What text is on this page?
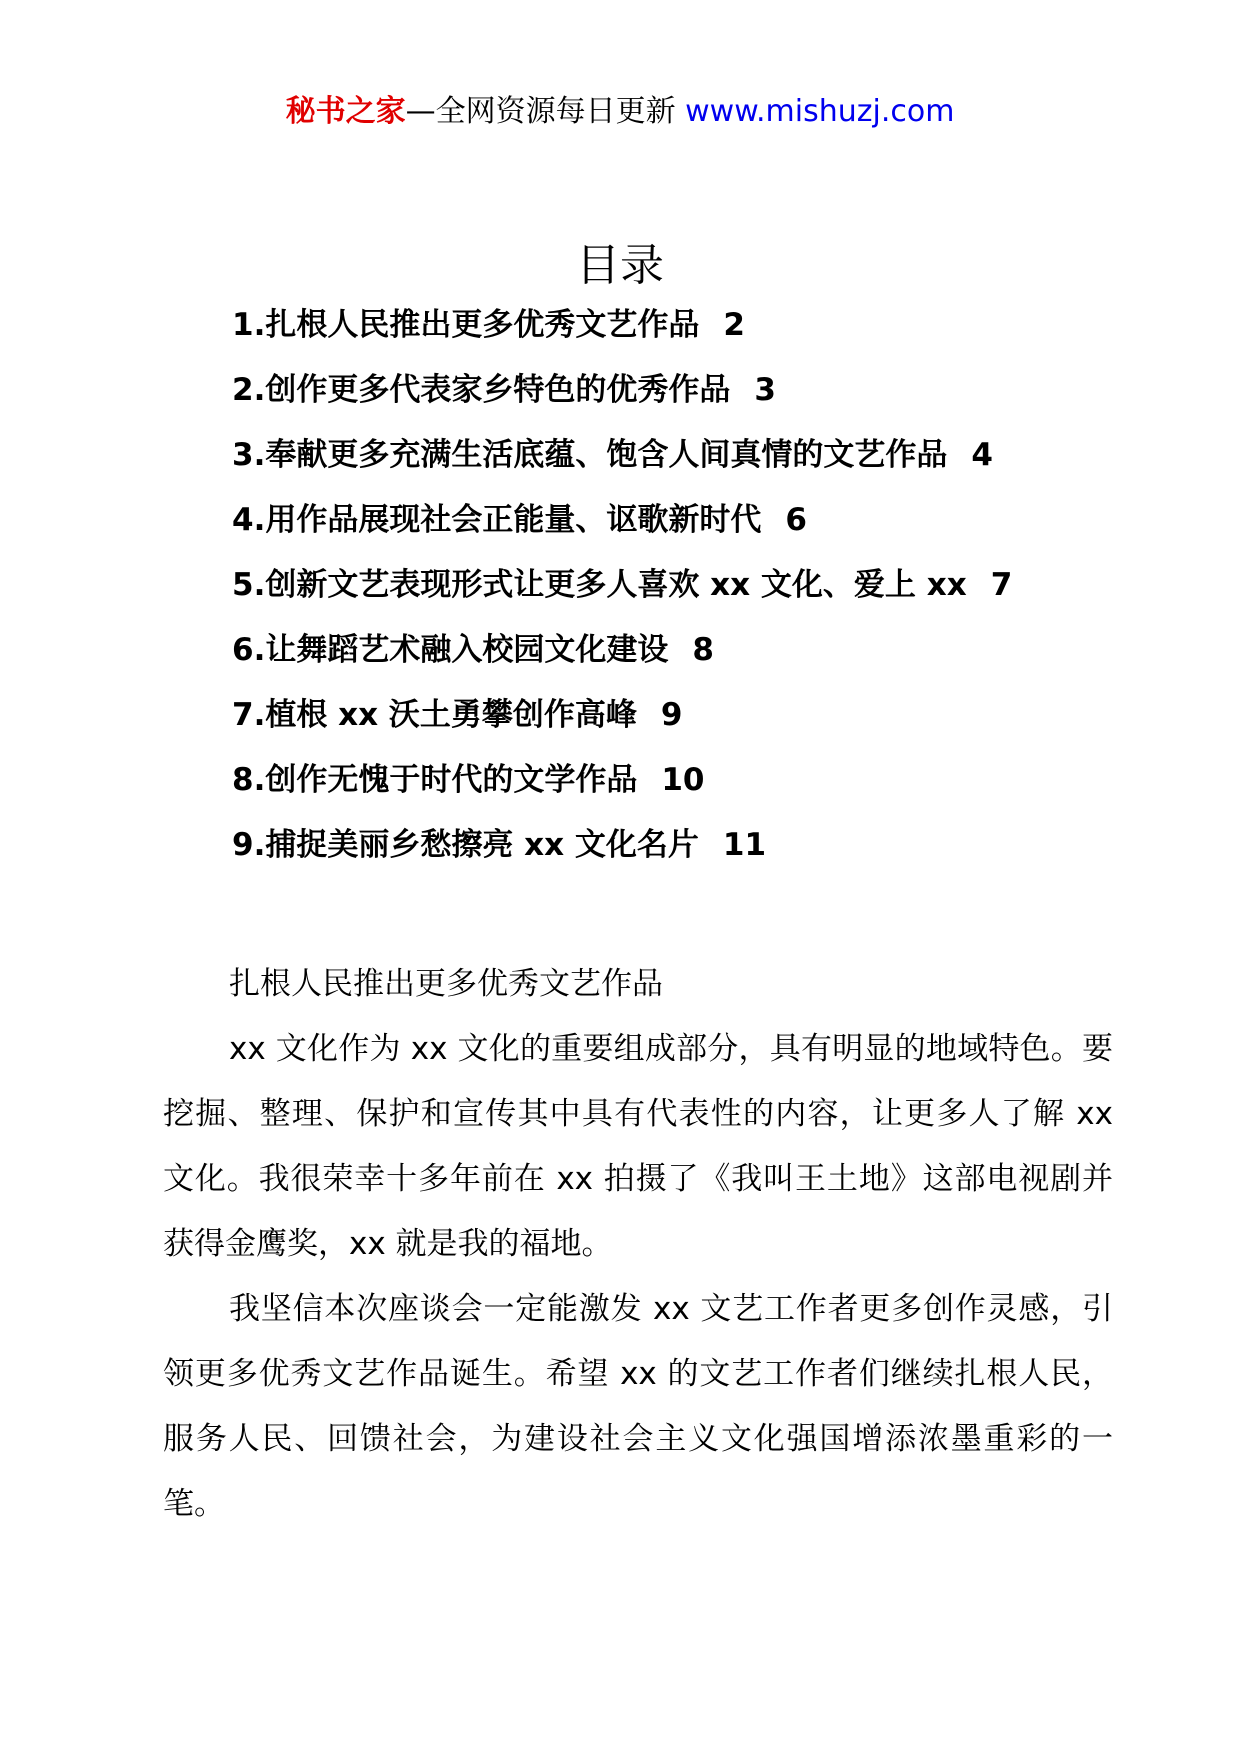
秘书之家—全网资源每日更新 www.mishuzj.com
目录
1.扎根人民推出更多优秀文艺作品 2
2.创作更多代表家乡特色的优秀作品 3
3.奉献更多充满生活底蕴、饱含人间真情的文艺作品 4
4.用作品展现社会正能量、讴歌新时代 6
5.创新文艺表现形式让更多人喜欢 xx 文化、爱上 xx 7
6.让舞蹈艺术融入校园文化建设 8
7.植根 xx 沃土勇攀创作高峰 9
8.创作无愧于时代的文学作品 10
9.捕捉美丽乡愁擦亮 xx 文化名片 11

扎根人民推出更多优秀文艺作品

xx 文化作为 xx 文化的重要组成部分，具有明显的地域特色。要挖掘、整理、保护和宣传其中具有代表性的内容，让更多人了解 xx 文化。我很荣幸十多年前在 xx 拍摄了《我叫王土地》这部电视剧并获得金鹰奖，xx 就是我的福地。

我坚信本次座谈会一定能激发 xx 文艺工作者更多创作灵感，引领更多优秀文艺作品诞生。希望 xx 的文艺工作者们继续扎根人民，服务人民、回馈社会，为建设社会主义文化强国增添浓墨重彩的一笔。
